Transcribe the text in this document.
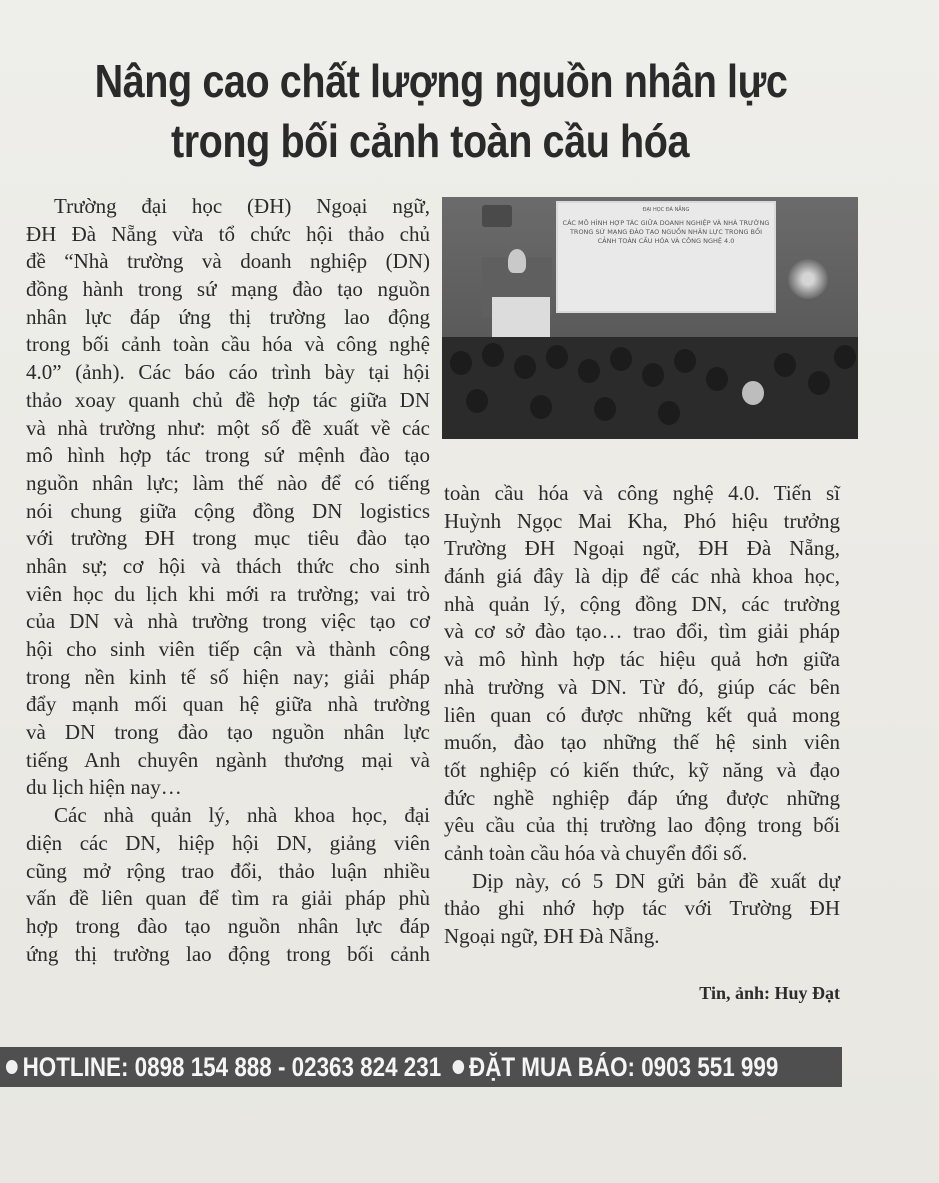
Nâng cao chất lượng nguồn nhân lực
trong bối cảnh toàn cầu hóa
Trường đại học (ĐH) Ngoại ngữ,
ĐH Đà Nẵng vừa tổ chức hội thảo chủ
đề “Nhà trường và doanh nghiệp (DN)
đồng hành trong sứ mạng đào tạo nguồn
nhân lực đáp ứng thị trường lao động
trong bối cảnh toàn cầu hóa và công nghệ
4.0” (ảnh). Các báo cáo trình bày tại hội
thảo xoay quanh chủ đề hợp tác giữa DN
và nhà trường như: một số đề xuất về các
mô hình hợp tác trong sứ mệnh đào tạo
nguồn nhân lực; làm thế nào để có tiếng
nói chung giữa cộng đồng DN logistics
với trường ĐH trong mục tiêu đào tạo
nhân sự; cơ hội và thách thức cho sinh
viên học du lịch khi mới ra trường; vai trò
của DN và nhà trường trong việc tạo cơ
hội cho sinh viên tiếp cận và thành công
trong nền kinh tế số hiện nay; giải pháp
đẩy mạnh mối quan hệ giữa nhà trường
và DN trong đào tạo nguồn nhân lực
tiếng Anh chuyên ngành thương mại và
du lịch hiện nay…
Các nhà quản lý, nhà khoa học, đại
diện các DN, hiệp hội DN, giảng viên
cũng mở rộng trao đổi, thảo luận nhiều
vấn đề liên quan để tìm ra giải pháp phù
hợp trong đào tạo nguồn nhân lực đáp
ứng thị trường lao động trong bối cảnh
ĐẠI HỌC ĐÀ NẴNG
CÁC MÔ HÌNH HỢP TÁC GIỮA DOANH NGHIỆP VÀ NHÀ TRƯỜNG TRONG SỨ MẠNG ĐÀO TẠO NGUỒN NHÂN LỰC TRONG BỐI CẢNH TOÀN CẦU HÓA VÀ CÔNG NGHỆ 4.0
toàn cầu hóa và công nghệ 4.0. Tiến sĩ
Huỳnh Ngọc Mai Kha, Phó hiệu trưởng
Trường ĐH Ngoại ngữ, ĐH Đà Nẵng,
đánh giá đây là dịp để các nhà khoa học,
nhà quản lý, cộng đồng DN, các trường
và cơ sở đào tạo… trao đổi, tìm giải pháp
và mô hình hợp tác hiệu quả hơn giữa
nhà trường và DN. Từ đó, giúp các bên
liên quan có được những kết quả mong
muốn, đào tạo những thế hệ sinh viên
tốt nghiệp có kiến thức, kỹ năng và đạo
đức nghề nghiệp đáp ứng được những
yêu cầu của thị trường lao động trong bối
cảnh toàn cầu hóa và chuyển đổi số.
Dịp này, có 5 DN gửi bản đề xuất dự
thảo ghi nhớ hợp tác với Trường ĐH
Ngoại ngữ, ĐH Đà Nẵng.
Tin, ảnh: Huy Đạt
HOTLINE: 0898 154 888 - 02363 824 231 ĐẶT MUA BÁO: 0903 551 999
